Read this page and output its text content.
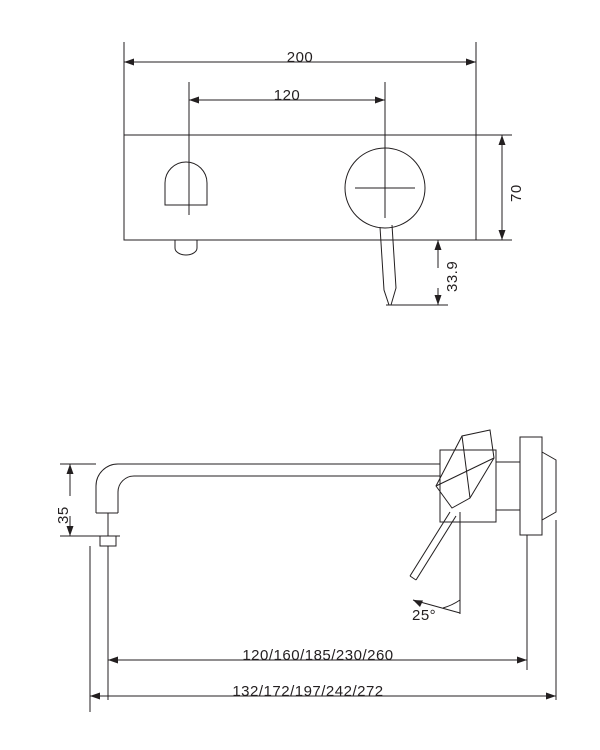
200
120
70
33.9
35
25°
120/160/185/230/260
132/172/197/242/272
